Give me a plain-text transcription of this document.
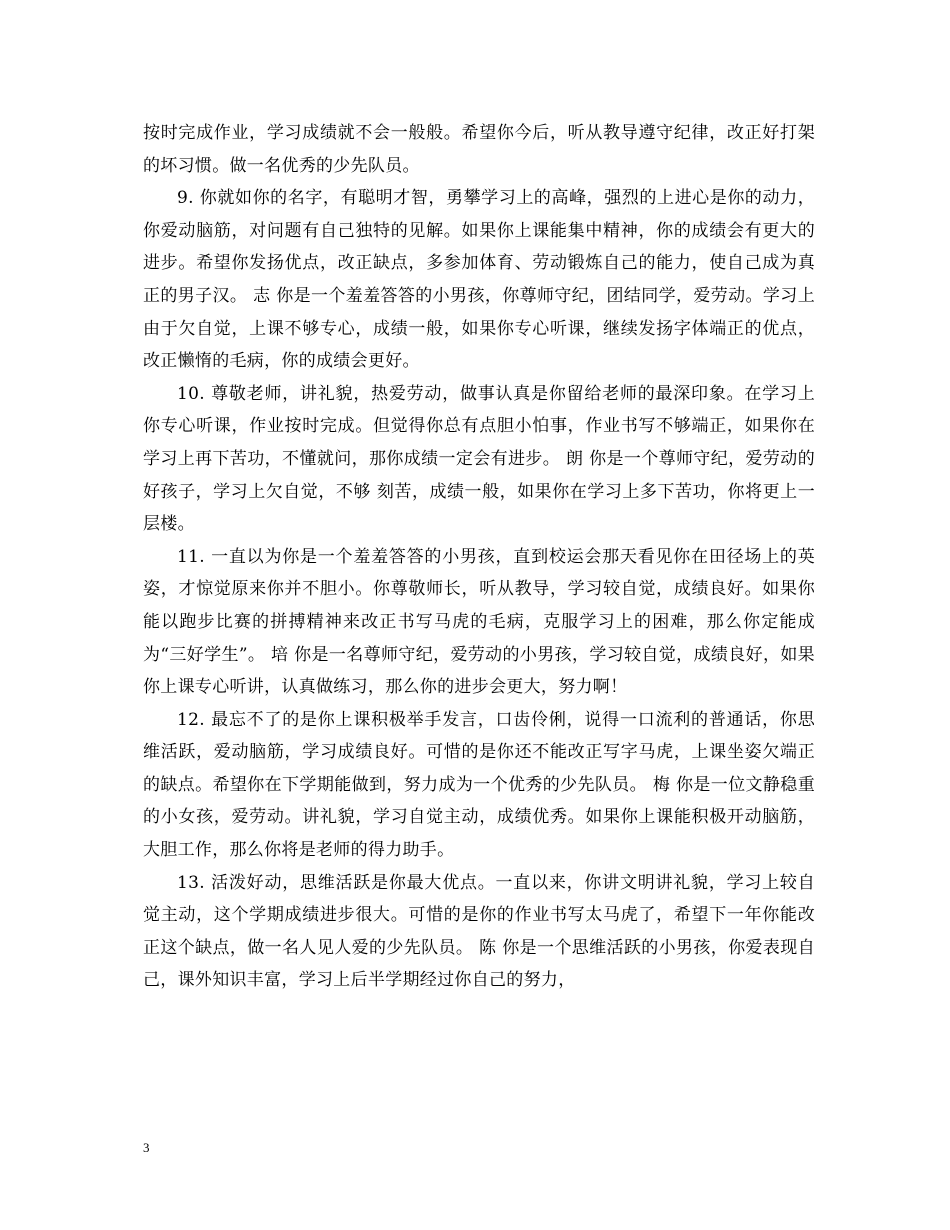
按时完成作业，学习成绩就不会一般般。希望你今后，听从教导遵守纪律，改正好打架的坏习惯。做一名优秀的少先队员。

9. 你就如你的名字，有聪明才智，勇攀学习上的高峰，强烈的上进心是你的动力，你爱动脑筋，对问题有自己独特的见解。如果你上课能集中精神，你的成绩会有更大的进步。希望你发扬优点，改正缺点，多参加体育、劳动锻炼自己的能力，使自己成为真正的男子汉。 志 你是一个羞羞答答的小男孩，你尊师守纪，团结同学，爱劳动。学习上由于欠自觉，上课不够专心，成绩一般，如果你专心听课，继续发扬字体端正的优点，改正懒惰的毛病，你的成绩会更好。

10. 尊敬老师，讲礼貌，热爱劳动，做事认真是你留给老师的最深印象。在学习上你专心听课，作业按时完成。但觉得你总有点胆小怕事，作业书写不够端正，如果你在学习上再下苦功，不懂就问，那你成绩一定会有进步。 朗 你是一个尊师守纪，爱劳动的好孩子，学习上欠自觉，不够 刻苦，成绩一般，如果你在学习上多下苦功，你将更上一层楼。

11. 一直以为你是一个羞羞答答的小男孩，直到校运会那天看见你在田径场上的英姿，才惊觉原来你并不胆小。你尊敬师长，听从教导，学习较自觉，成绩良好。如果你能以跑步比赛的拼搏精神来改正书写马虎的毛病，克服学习上的困难，那么你定能成为“三好学生”。 培 你是一名尊师守纪，爱劳动的小男孩，学习较自觉，成绩良好，如果你上课专心听讲，认真做练习，那么你的进步会更大，努力啊！

12. 最忘不了的是你上课积极举手发言，口齿伶俐，说得一口流利的普通话，你思维活跃，爱动脑筋，学习成绩良好。可惜的是你还不能改正写字马虎，上课坐姿欠端正的缺点。希望你在下学期能做到，努力成为一个优秀的少先队员。 梅 你是一位文静稳重的小女孩，爱劳动。讲礼貌，学习自觉主动，成绩优秀。如果你上课能积极开动脑筋，大胆工作，那么你将是老师的得力助手。

13. 活泼好动，思维活跃是你最大优点。一直以来，你讲文明讲礼貌，学习上较自觉主动，这个学期成绩进步很大。可惜的是你的作业书写太马虎了，希望下一年你能改正这个缺点，做一名人见人爱的少先队员。 陈 你是一个思维活跃的小男孩，你爱表现自己，课外知识丰富，学习上后半学期经过你自己的努力，

3
